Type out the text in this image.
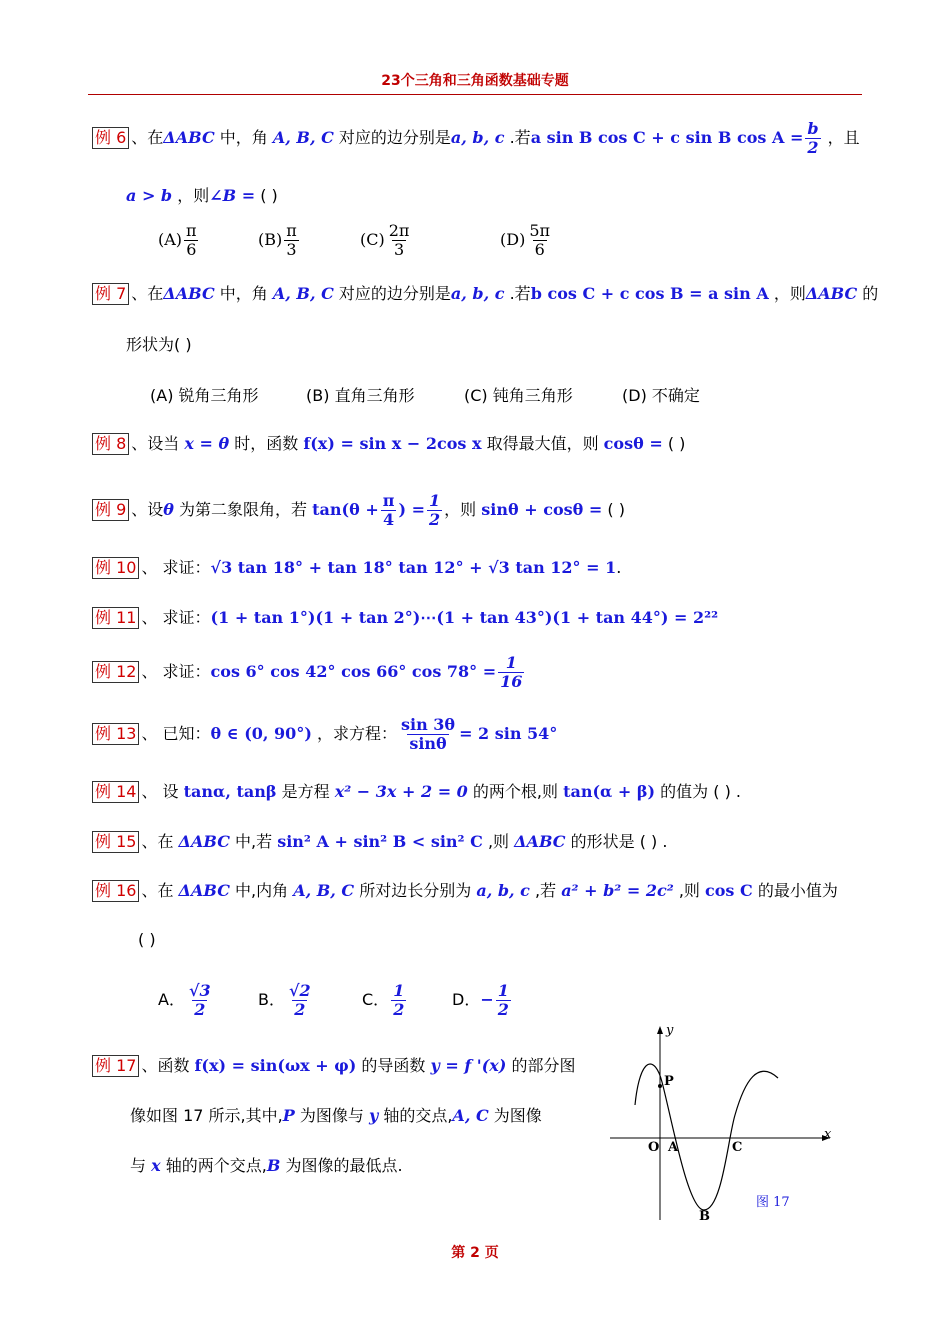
23个三角和三角函数基础专题
例 6 、在ΔABC 中，角 A, B, C 对应的边分别是a, b, c .若a sin B cos C + c sin B $\cos A = \frac{b}{2}$ ，且
a > b ，则∠B = ( )
$(A) \frac{\pi}{6}$	$(B) \frac{\pi}{3}$	$(C) \frac{2\pi}{3}$	$(D) \frac{5\pi}{6}$
例 7 、在ΔABC 中，角 A, B, C 对应的边分别是a, b, c .若b cos C + c cos B = a sin A ，则ΔABC 的
形状为( )
(A) 锐角三角形	(B) 直角三角形	(C) 钝角三角形	(D) 不确定
例 8 、设当 x = θ 时，函数 f(x) = sin x − 2cos x 取得最大值，则 cosθ = ( )
例 9 、设θ 为第二象限角，若 $\tan(\theta + \frac{\pi}{4}$ ) = $\frac{1}{2}$ ，则 sinθ + cosθ = ( )
例 10 、 求证：√3 tan 18° + tan 18° tan 12° + √3 tan 12° = 1.
例 11 、 求证：(1 + tan 1°)(1 + tan 2°)⋯(1 + tan 43°)(1 + tan 44°) = 2²²
例 12 、 求证：cos 6° cos 42° cos 66° $\cos 78^\circ = \frac{1}{16}$
例 13 、 已知：θ ∈ (0, 90°) ，求方程： $\frac{\sin 3\theta}{\sin\theta} = 2$ sin 54°
例 14 、 设 tanα, tanβ 是方程 x² − 3x + 2 = 0 的两个根,则 tan(α + β) 的值为 ( ) .
例 15 、在 ΔABC 中,若 sin² A + sin² B < sin² C ,则 ΔABC 的形状是 ( ) .
例 16 、在 ΔABC 中,内角 A, B, C 所对边长分别为 a, b, c ,若 a² + b² = 2c² ,则 cos C 的最小值为
( )
A． $\frac{√3}{2}$	B． $\frac{√2}{2}$	C． $\frac{1}{2}$	D．− $\frac{1}{2}$
例 17 、函数 f(x) = sin(ωx + φ) 的导函数 y = f '(x) 的部分图
像如图 17 所示,其中,P 为图像与 y 轴的交点,A, C 为图像
与 x 轴的两个交点,B 为图像的最低点.
P
O A	C
B
x
y
图 17
第 2 页
